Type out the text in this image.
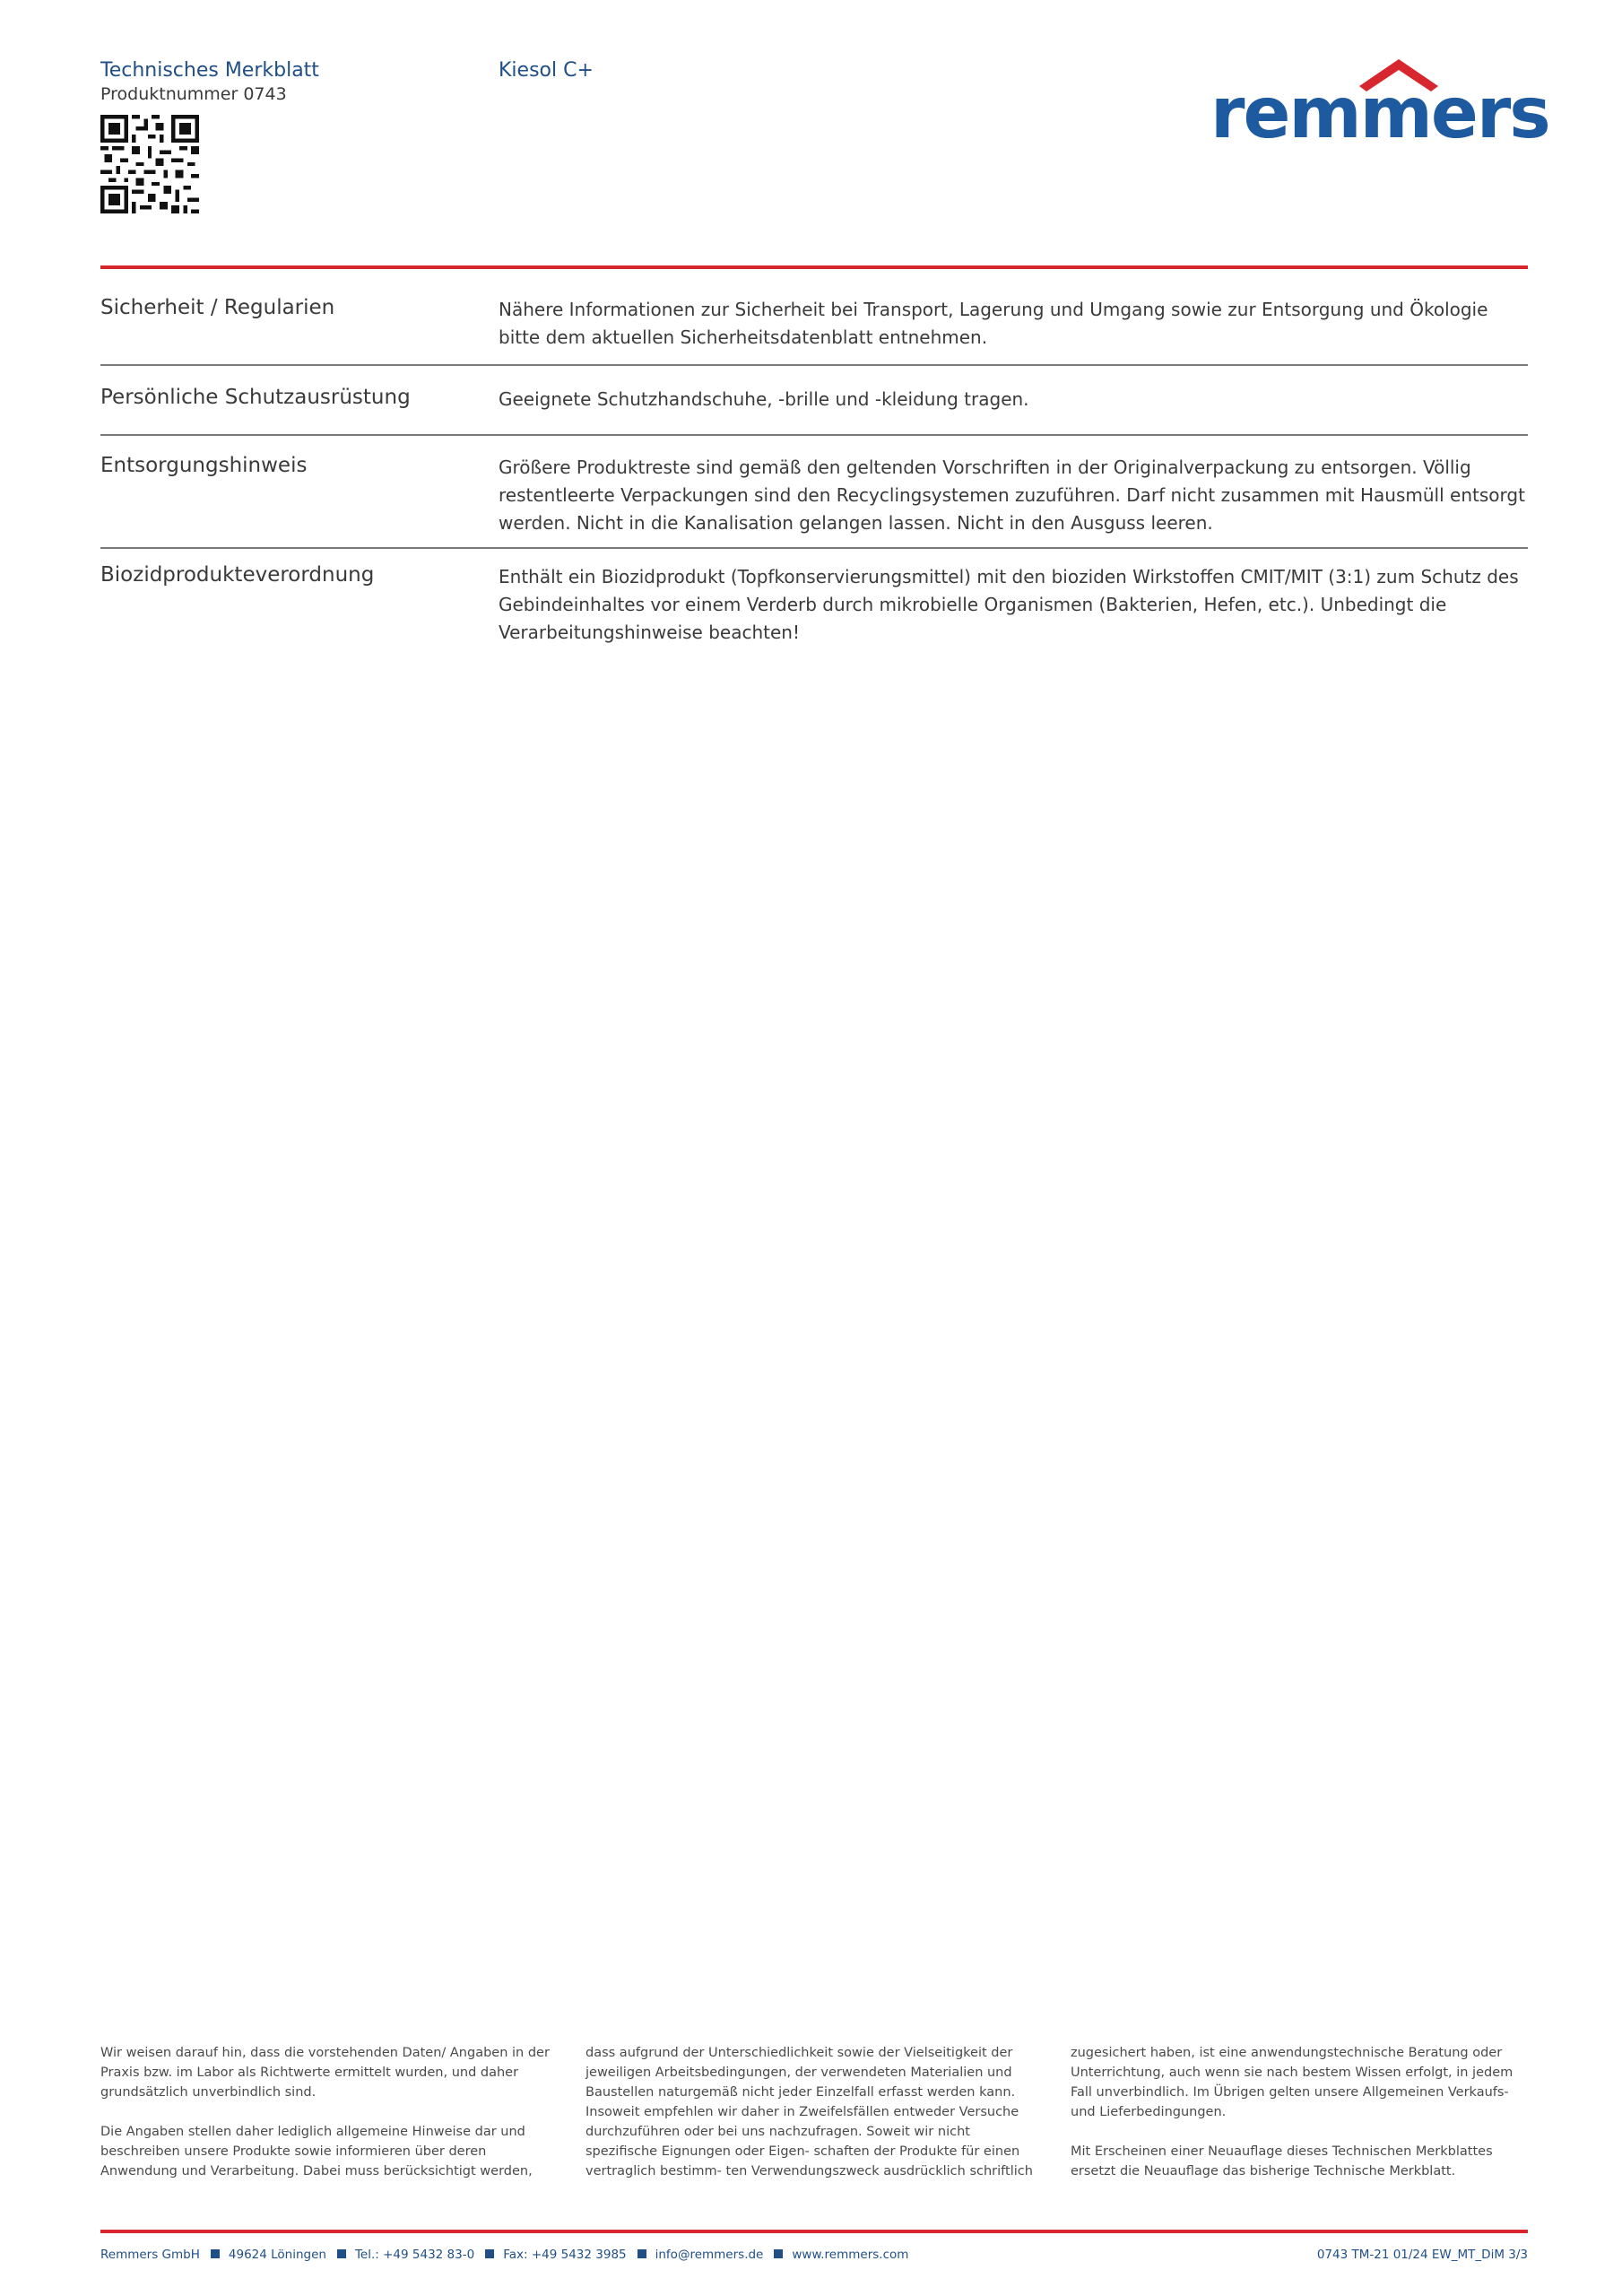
Technisches Merkblatt
Produktnummer 0743
Kiesol C+
remmers
Sicherheit / Regularien	Nähere Informationen zur Sicherheit bei Transport, Lagerung und Umgang sowie zur Entsorgung und Ökologie bitte dem aktuellen Sicherheitsdatenblatt entnehmen.
Persönliche Schutzausrüstung	Geeignete Schutzhandschuhe, -brille und -kleidung tragen.
Entsorgungshinweis	Größere Produktreste sind gemäß den geltenden Vorschriften in der Originalverpackung zu entsorgen. Völlig restentleerte Verpackungen sind den Recyclingsystemen zuzuführen. Darf nicht zusammen mit Hausmüll entsorgt werden. Nicht in die Kanalisation gelangen lassen. Nicht in den Ausguss leeren.
Biozidprodukteverordnung	Enthält ein Biozidprodukt (Topfkonservierungsmittel) mit den bioziden Wirkstoffen CMIT/MIT (3:1) zum Schutz des Gebindeinhaltes vor einem Verderb durch mikrobielle Organismen (Bakterien, Hefen, etc.). Unbedingt die Verarbeitungshinweise beachten!

Wir weisen darauf hin, dass die vorstehenden Daten/ Angaben in der Praxis bzw. im Labor als Richtwerte ermittelt wurden, und daher grundsätzlich unverbindlich sind.

Die Angaben stellen daher lediglich allgemeine Hinweise dar und beschreiben unsere Produkte sowie informieren über deren Anwendung und Verarbeitung. Dabei muss berücksichtigt werden,

dass aufgrund der Unterschiedlichkeit sowie der Vielseitigkeit der jeweiligen Arbeitsbedingungen, der verwendeten Materialien und Baustellen naturgemäß nicht jeder Einzelfall erfasst werden kann. Insoweit empfehlen wir daher in Zweifelsfällen entweder Versuche durchzuführen oder bei uns nachzufragen. Soweit wir nicht spezifische Eignungen oder Eigen- schaften der Produkte für einen vertraglich bestimm- ten Verwendungszweck ausdrücklich schriftlich

zugesichert haben, ist eine anwendungstechnische Beratung oder Unterrichtung, auch wenn sie nach bestem Wissen erfolgt, in jedem Fall unverbindlich. Im Übrigen gelten unsere Allgemeinen Verkaufs- und Lieferbedingungen.

Mit Erscheinen einer Neuauflage dieses Technischen Merkblattes ersetzt die Neuauflage das bisherige Technische Merkblatt.

Remmers GmbH 49624 Löningen Tel.: +49 5432 83-0 Fax: +49 5432 3985 info@remmers.de www.remmers.com	0743 TM-21 01/24 EW_MT_DiM 3/3
